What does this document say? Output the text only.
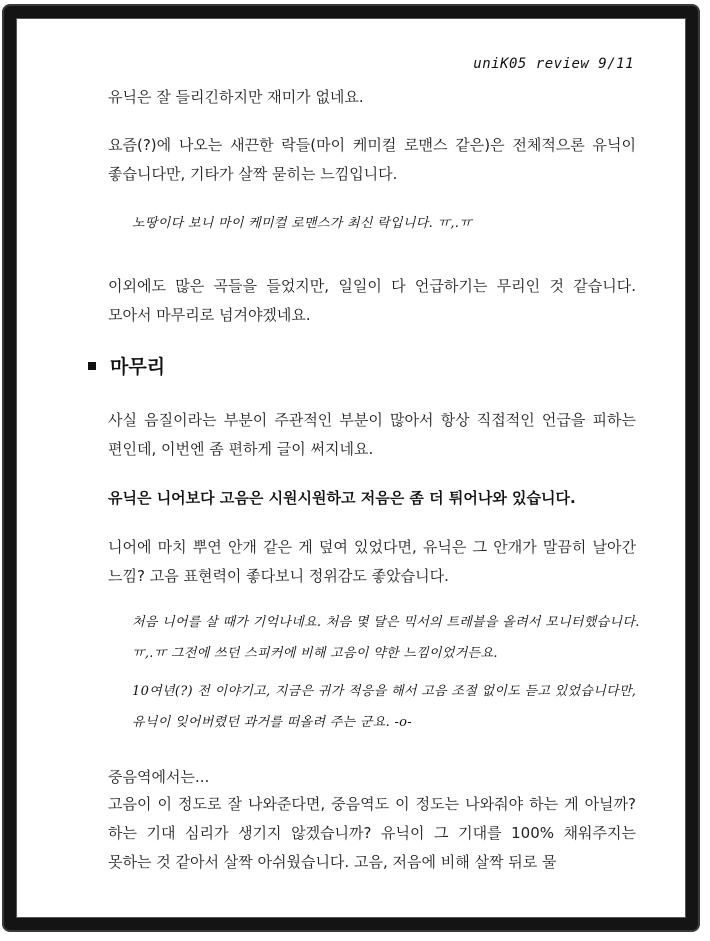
uniK05 review 9/11
유닉은 잘 들리긴하지만 재미가 없네요.
요즘(?)에 나오는 새끈한 락들(마이 케미컬 로맨스 같은)은 전체적으론 유닉이 좋습니다만, 기타가 살짝 묻히는 느낌입니다.
노땅이다 보니 마이 케미컬 로맨스가 최신 락입니다. ㅠ,.ㅠ
이외에도 많은 곡들을 들었지만, 일일이 다 언급하기는 무리인 것 같습니다. 모아서 마무리로 넘겨야겠네요.
마무리
사실 음질이라는 부분이 주관적인 부분이 많아서 항상 직접적인 언급을 피하는 편인데, 이번엔 좀 편하게 글이 써지네요.
유닉은 니어보다 고음은 시원시원하고 저음은 좀 더 튀어나와 있습니다.
니어에 마치 뿌연 안개 같은 게 덮여 있었다면, 유닉은 그 안개가 말끔히 날아간 느낌? 고음 표현력이 좋다보니 정위감도 좋았습니다.
처음 니어를 살 때가 기억나네요. 처음 몇 달은 믹서의 트레블을 올려서 모니터했습니다. ㅠ,.ㅠ 그전에 쓰던 스피커에 비해 고음이 약한 느낌이었거든요.
10여년(?) 전 이야기고, 지금은 귀가 적응을 해서 고음 조절 없이도 듣고 있었습니다만, 유닉이 잊어버렸던 과거를 떠올려 주는 군요. -o-
중음역에서는...
고음이 이 정도로 잘 나와준다면, 중음역도 이 정도는 나와줘야 하는 게 아닐까? 하는 기대 심리가 생기지 않겠습니까? 유닉이 그 기대를 100% 채워주지는 못하는 것 같아서 살짝 아쉬웠습니다. 고음, 저음에 비해 살짝 뒤로 물
